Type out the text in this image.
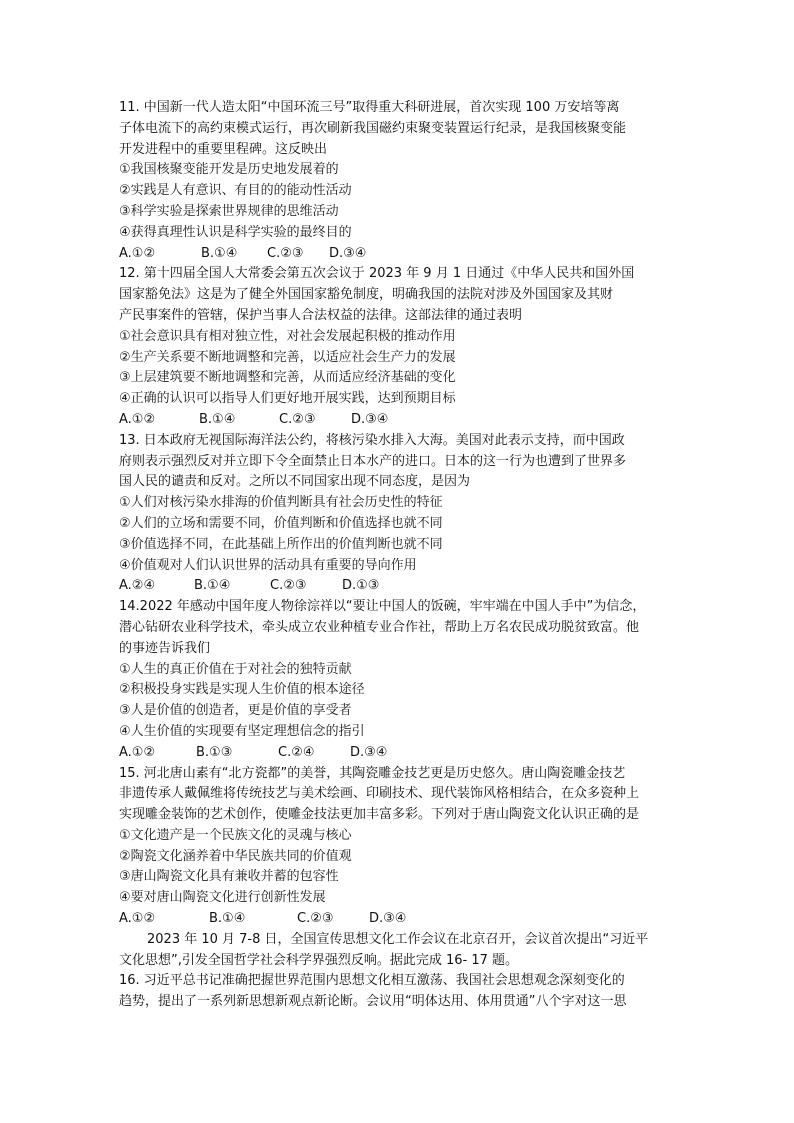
11. 中国新一代人造太阳“中国环流三号”取得重大科研进展，首次实现 100 万安培等离
子体电流下的高约束模式运行，再次刷新我国磁约束聚变装置运行纪录，是我国核聚变能
开发进程中的重要里程碑。这反映出
①我国核聚变能开发是历史地发展着的
②实践是人有意识、有目的的能动性活动
③科学实验是探索世界规律的思维活动
④获得真理性认识是科学实验的最终目的
A.①②	B.①④	C.②③	D.③④
12. 第十四届全国人大常委会第五次会议于 2023 年 9 月 1 日通过《中华人民共和国外国
国家豁免法》这是为了健全外国国家豁免制度，明确我国的法院对涉及外国国家及其财
产民事案件的管辖，保护当事人合法权益的法律。这部法律的通过表明
①社会意识具有相对独立性，对社会发展起积极的推动作用
②生产关系要不断地调整和完善，以适应社会生产力的发展
③上层建筑要不断地调整和完善，从而适应经济基础的变化
④正确的认识可以指导人们更好地开展实践，达到预期目标
A.①②	B.①④	C.②③	D.③④
13. 日本政府无视国际海洋法公约，将核污染水排入大海。美国对此表示支持，而中国政
府则表示强烈反对并立即下令全面禁止日本水产的进口。日本的这一行为也遭到了世界多
国人民的谴责和反对。之所以不同国家出现不同态度，是因为
①人们对核污染水排海的价值判断具有社会历史性的特征
②人们的立场和需要不同，价值判断和价值选择也就不同
③价值选择不同，在此基础上所作出的价值判断也就不同
④价值观对人们认识世界的活动具有重要的导向作用
A.②④	B.①④	C.②③	D.①③
14.2022 年感动中国年度人物徐淙祥以“要让中国人的饭碗，牢牢端在中国人手中”为信念，
潜心钻研农业科学技术，牵头成立农业种植专业合作社，帮助上万名农民成功脱贫致富。他
的事迹告诉我们
①人生的真正价值在于对社会的独特贡献
②积极投身实践是实现人生价值的根本途径
③人是价值的创造者，更是价值的享受者
④人生价值的实现要有坚定理想信念的指引
A.①②	B.①③	C.②④	D.③④
15. 河北唐山素有“北方瓷都”的美誉，其陶瓷雕金技艺更是历史悠久。唐山陶瓷雕金技艺
非遗传承人戴佩维将传统技艺与美术绘画、印刷技术、现代装饰风格相结合，在众多瓷种上
实现雕金装饰的艺术创作，使雕金技法更加丰富多彩。下列对于唐山陶瓷文化认识正确的是
①文化遗产是一个民族文化的灵魂与核心
②陶瓷文化涵养着中华民族共同的价值观
③唐山陶瓷文化具有兼收并蓄的包容性
④要对唐山陶瓷文化进行创新性发展
A.①②	B.①④	C.②③	D.③④
2023 年 10 月 7-8 日，全国宣传思想文化工作会议在北京召开，会议首次提出“习近平
文化思想”,引发全国哲学社会科学界强烈反响。据此完成 16- 17 题。
16. 习近平总书记准确把握世界范围内思想文化相互激荡、我国社会思想观念深刻变化的
趋势，提出了一系列新思想新观点新论断。会议用“明体达用、体用贯通”八个字对这一思
